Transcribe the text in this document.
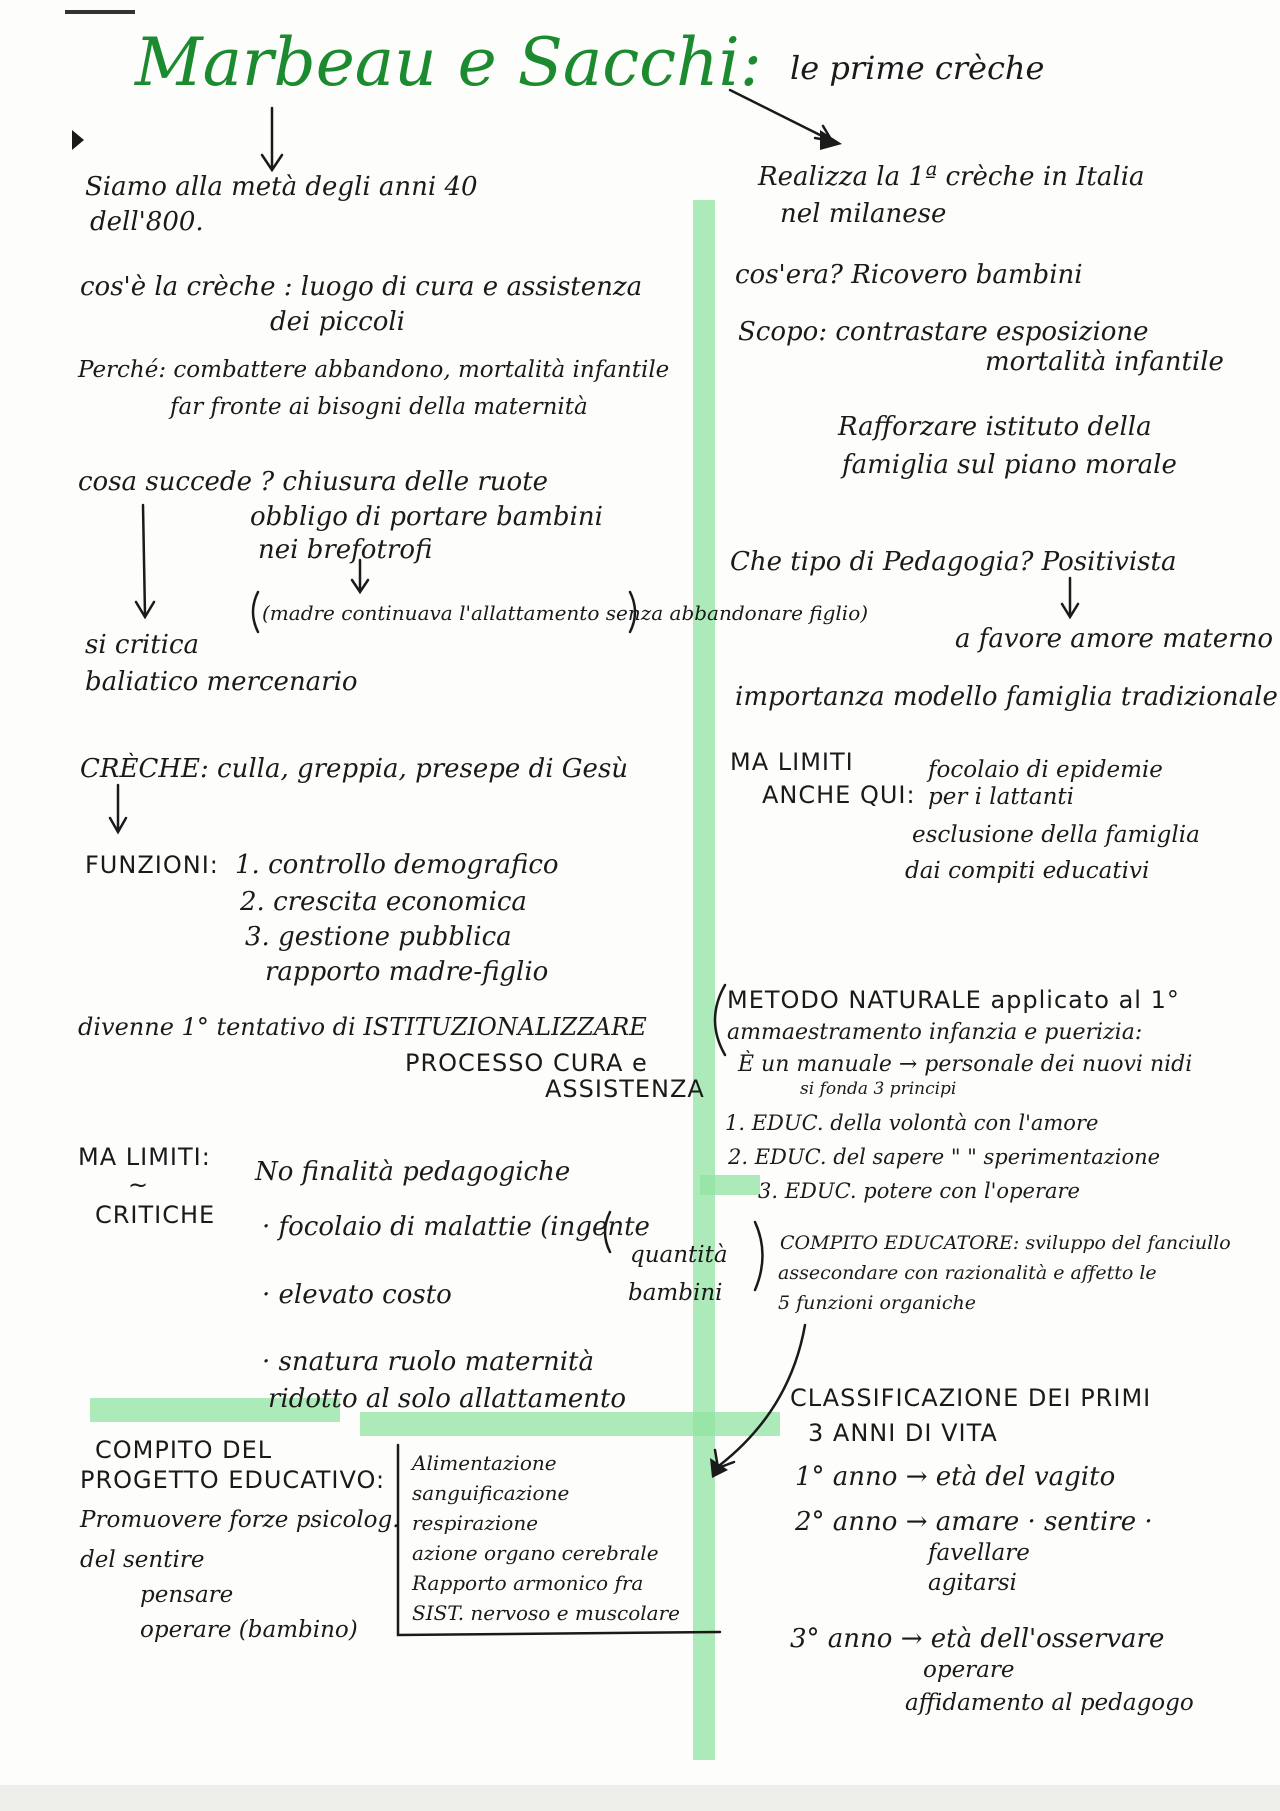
Marbeau e Sacchi: le prime crèche
Siamo alla metà degli anni 40
dell'800.
cos'è la crèche : luogo di cura e assistenza
dei piccoli
Perché: combattere abbandono, mortalità infantile
far fronte ai bisogni della maternità
cosa succede ? chiusura delle ruote
obbligo di portare bambini
nei brefotrofi
(madre continuava l'allattamento senza abbandonare figlio)
si critica
baliatico mercenario
CRÈCHE: culla, greppia, presepe di Gesù
FUNZIONI: 1. controllo demografico
2. crescita economica
3. gestione pubblica
rapporto madre-figlio
divenne 1° tentativo di ISTITUZIONALIZZARE
PROCESSO CURA e
ASSISTENZA
MA LIMITI:
~
CRITICHE
No finalità pedagogiche
· focolaio di malattie (ingente
quantità
bambini
· elevato costo
· snatura ruolo maternità
ridotto al solo allattamento
COMPITO DEL
PROGETTO EDUCATIVO:
Promuovere forze psicolog.
del sentire
pensare
operare (bambino)
Alimentazione
sanguificazione
respirazione
azione organo cerebrale
Rapporto armonico fra
SIST. nervoso e muscolare
Realizza la 1ª crèche in Italia
nel milanese
cos'era? Ricovero bambini
Scopo: contrastare esposizione
mortalità infantile
Rafforzare istituto della
famiglia sul piano morale
Che tipo di Pedagogia? Positivista
a favore amore materno
importanza modello famiglia tradizionale
MA LIMITI
ANCHE QUI:
focolaio di epidemie
per i lattanti
esclusione della famiglia
dai compiti educativi
METODO NATURALE applicato al 1°
ammaestramento infanzia e puerizia:
È un manuale → personale dei nuovi nidi
si fonda 3 principi
1. EDUC. della volontà con l'amore
2. EDUC. del sapere " " sperimentazione
3. EDUC. potere con l'operare
COMPITO EDUCATORE: sviluppo del fanciullo
assecondare con razionalità e affetto le
5 funzioni organiche
CLASSIFICAZIONE DEI PRIMI
3 ANNI DI VITA
1° anno → età del vagito
2° anno → amare · sentire ·
favellare
agitarsi
3° anno → età dell'osservare
operare
affidamento al pedagogo
